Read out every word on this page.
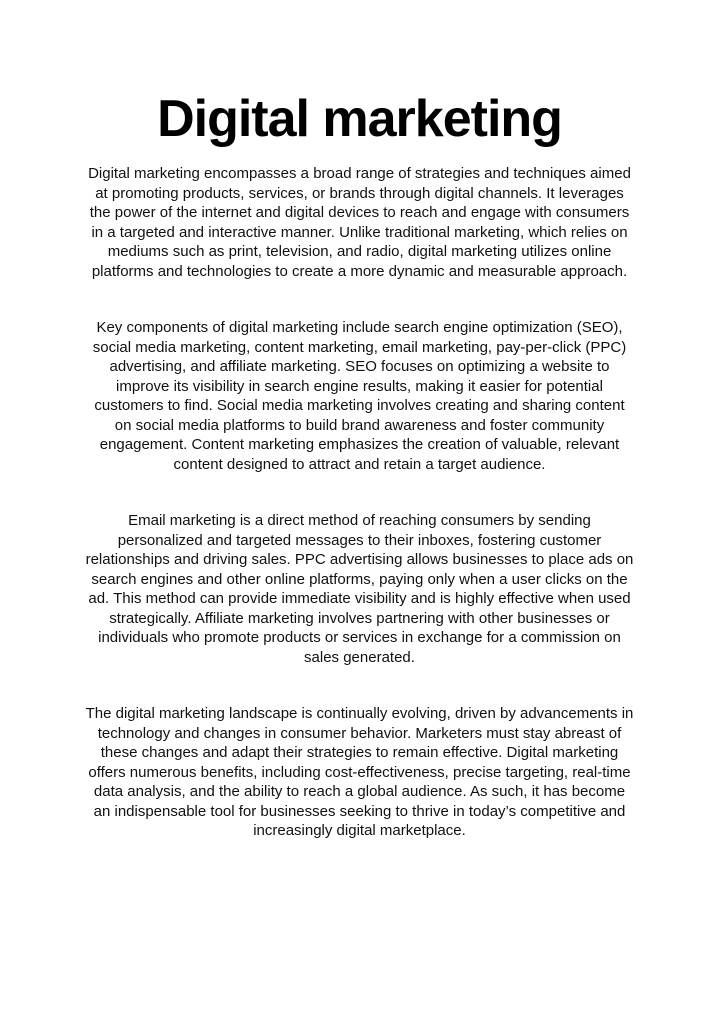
Digital marketing

Digital marketing encompasses a broad range of strategies and techniques aimed at promoting products, services, or brands through digital channels. It leverages the power of the internet and digital devices to reach and engage with consumers in a targeted and interactive manner. Unlike traditional marketing, which relies on mediums such as print, television, and radio, digital marketing utilizes online platforms and technologies to create a more dynamic and measurable approach.

Key components of digital marketing include search engine optimization (SEO), social media marketing, content marketing, email marketing, pay-per-click (PPC) advertising, and affiliate marketing. SEO focuses on optimizing a website to improve its visibility in search engine results, making it easier for potential customers to find. Social media marketing involves creating and sharing content on social media platforms to build brand awareness and foster community engagement. Content marketing emphasizes the creation of valuable, relevant content designed to attract and retain a target audience.

Email marketing is a direct method of reaching consumers by sending personalized and targeted messages to their inboxes, fostering customer relationships and driving sales. PPC advertising allows businesses to place ads on search engines and other online platforms, paying only when a user clicks on the ad. This method can provide immediate visibility and is highly effective when used strategically. Affiliate marketing involves partnering with other businesses or individuals who promote products or services in exchange for a commission on sales generated.

The digital marketing landscape is continually evolving, driven by advancements in technology and changes in consumer behavior. Marketers must stay abreast of these changes and adapt their strategies to remain effective. Digital marketing offers numerous benefits, including cost-effectiveness, precise targeting, real-time data analysis, and the ability to reach a global audience. As such, it has become an indispensable tool for businesses seeking to thrive in today’s competitive and increasingly digital marketplace.
